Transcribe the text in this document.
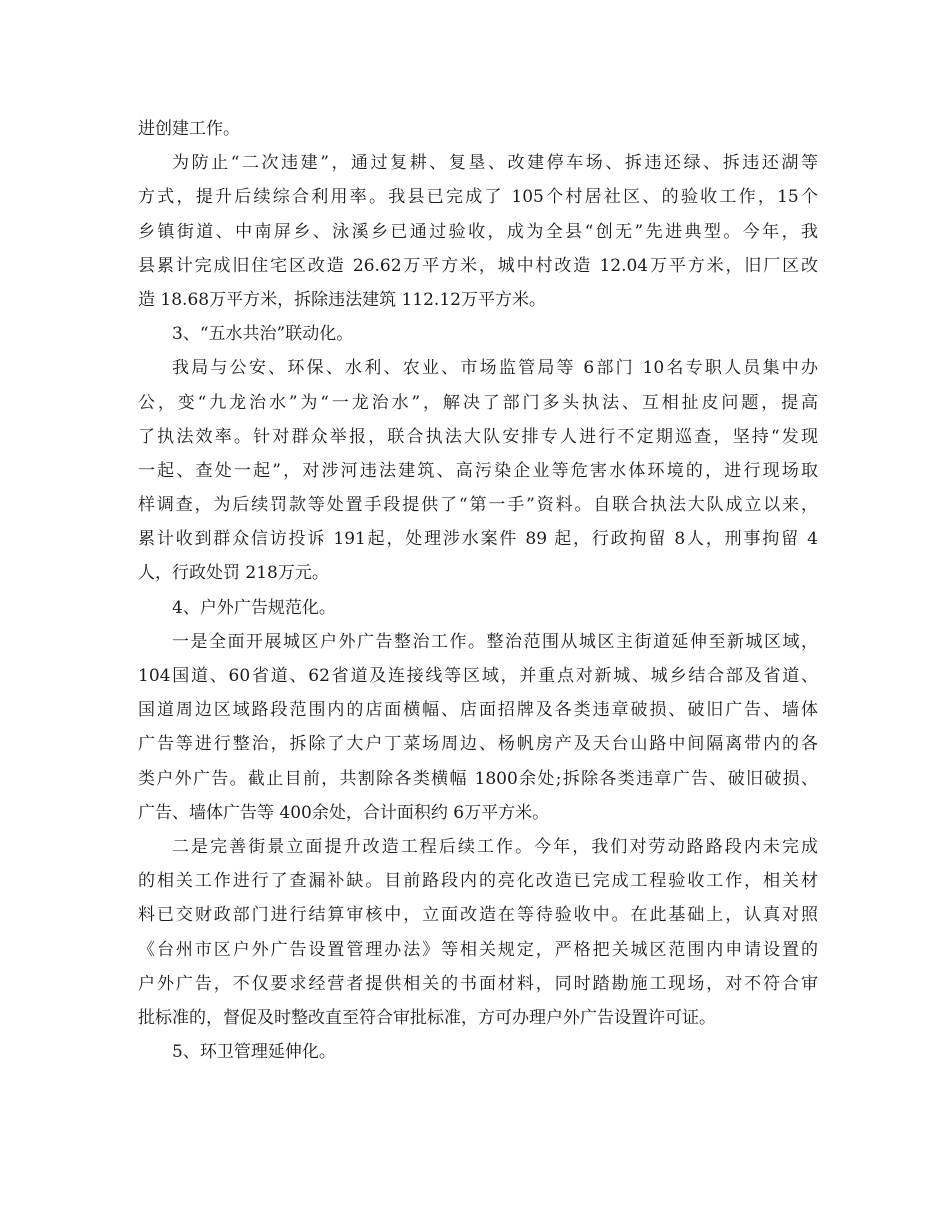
进创建工作。
为防止“二次违建”，通过复耕、复垦、改建停车场、拆违还绿、拆违还湖等
方式，提升后续综合利用率。我县已完成了 105个村居社区、的验收工作，15个
乡镇街道、中南屏乡、泳溪乡已通过验收，成为全县“创无”先进典型。今年，我
县累计完成旧住宅区改造 26.62万平方米，城中村改造 12.04万平方米，旧厂区改
造 18.68万平方米，拆除违法建筑 112.12万平方米。
3、“五水共治”联动化。
我局与公安、环保、水利、农业、市场监管局等 6部门 10名专职人员集中办
公，变“九龙治水”为“一龙治水”，解决了部门多头执法、互相扯皮问题，提高
了执法效率。针对群众举报，联合执法大队安排专人进行不定期巡查，坚持“发现
一起、查处一起”，对涉河违法建筑、高污染企业等危害水体环境的，进行现场取
样调查，为后续罚款等处置手段提供了“第一手”资料。自联合执法大队成立以来，
累计收到群众信访投诉 191起，处理涉水案件 89 起，行政拘留 8人，刑事拘留 4
人，行政处罚 218万元。
4、户外广告规范化。
一是全面开展城区户外广告整治工作。整治范围从城区主街道延伸至新城区域，
104国道、60省道、62省道及连接线等区域，并重点对新城、城乡结合部及省道、
国道周边区域路段范围内的店面横幅、店面招牌及各类违章破损、破旧广告、墙体
广告等进行整治，拆除了大户丁菜场周边、杨帆房产及天台山路中间隔离带内的各
类户外广告。截止目前，共割除各类横幅 1800余处;拆除各类违章广告、破旧破损、
广告、墙体广告等 400余处，合计面积约 6万平方米。
二是完善街景立面提升改造工程后续工作。今年，我们对劳动路路段内未完成
的相关工作进行了查漏补缺。目前路段内的亮化改造已完成工程验收工作，相关材
料已交财政部门进行结算审核中，立面改造在等待验收中。在此基础上，认真对照
《台州市区户外广告设置管理办法》等相关规定，严格把关城区范围内申请设置的
户外广告，不仅要求经营者提供相关的书面材料，同时踏勘施工现场，对不符合审
批标准的，督促及时整改直至符合审批标准，方可办理户外广告设置许可证。
5、环卫管理延伸化。
